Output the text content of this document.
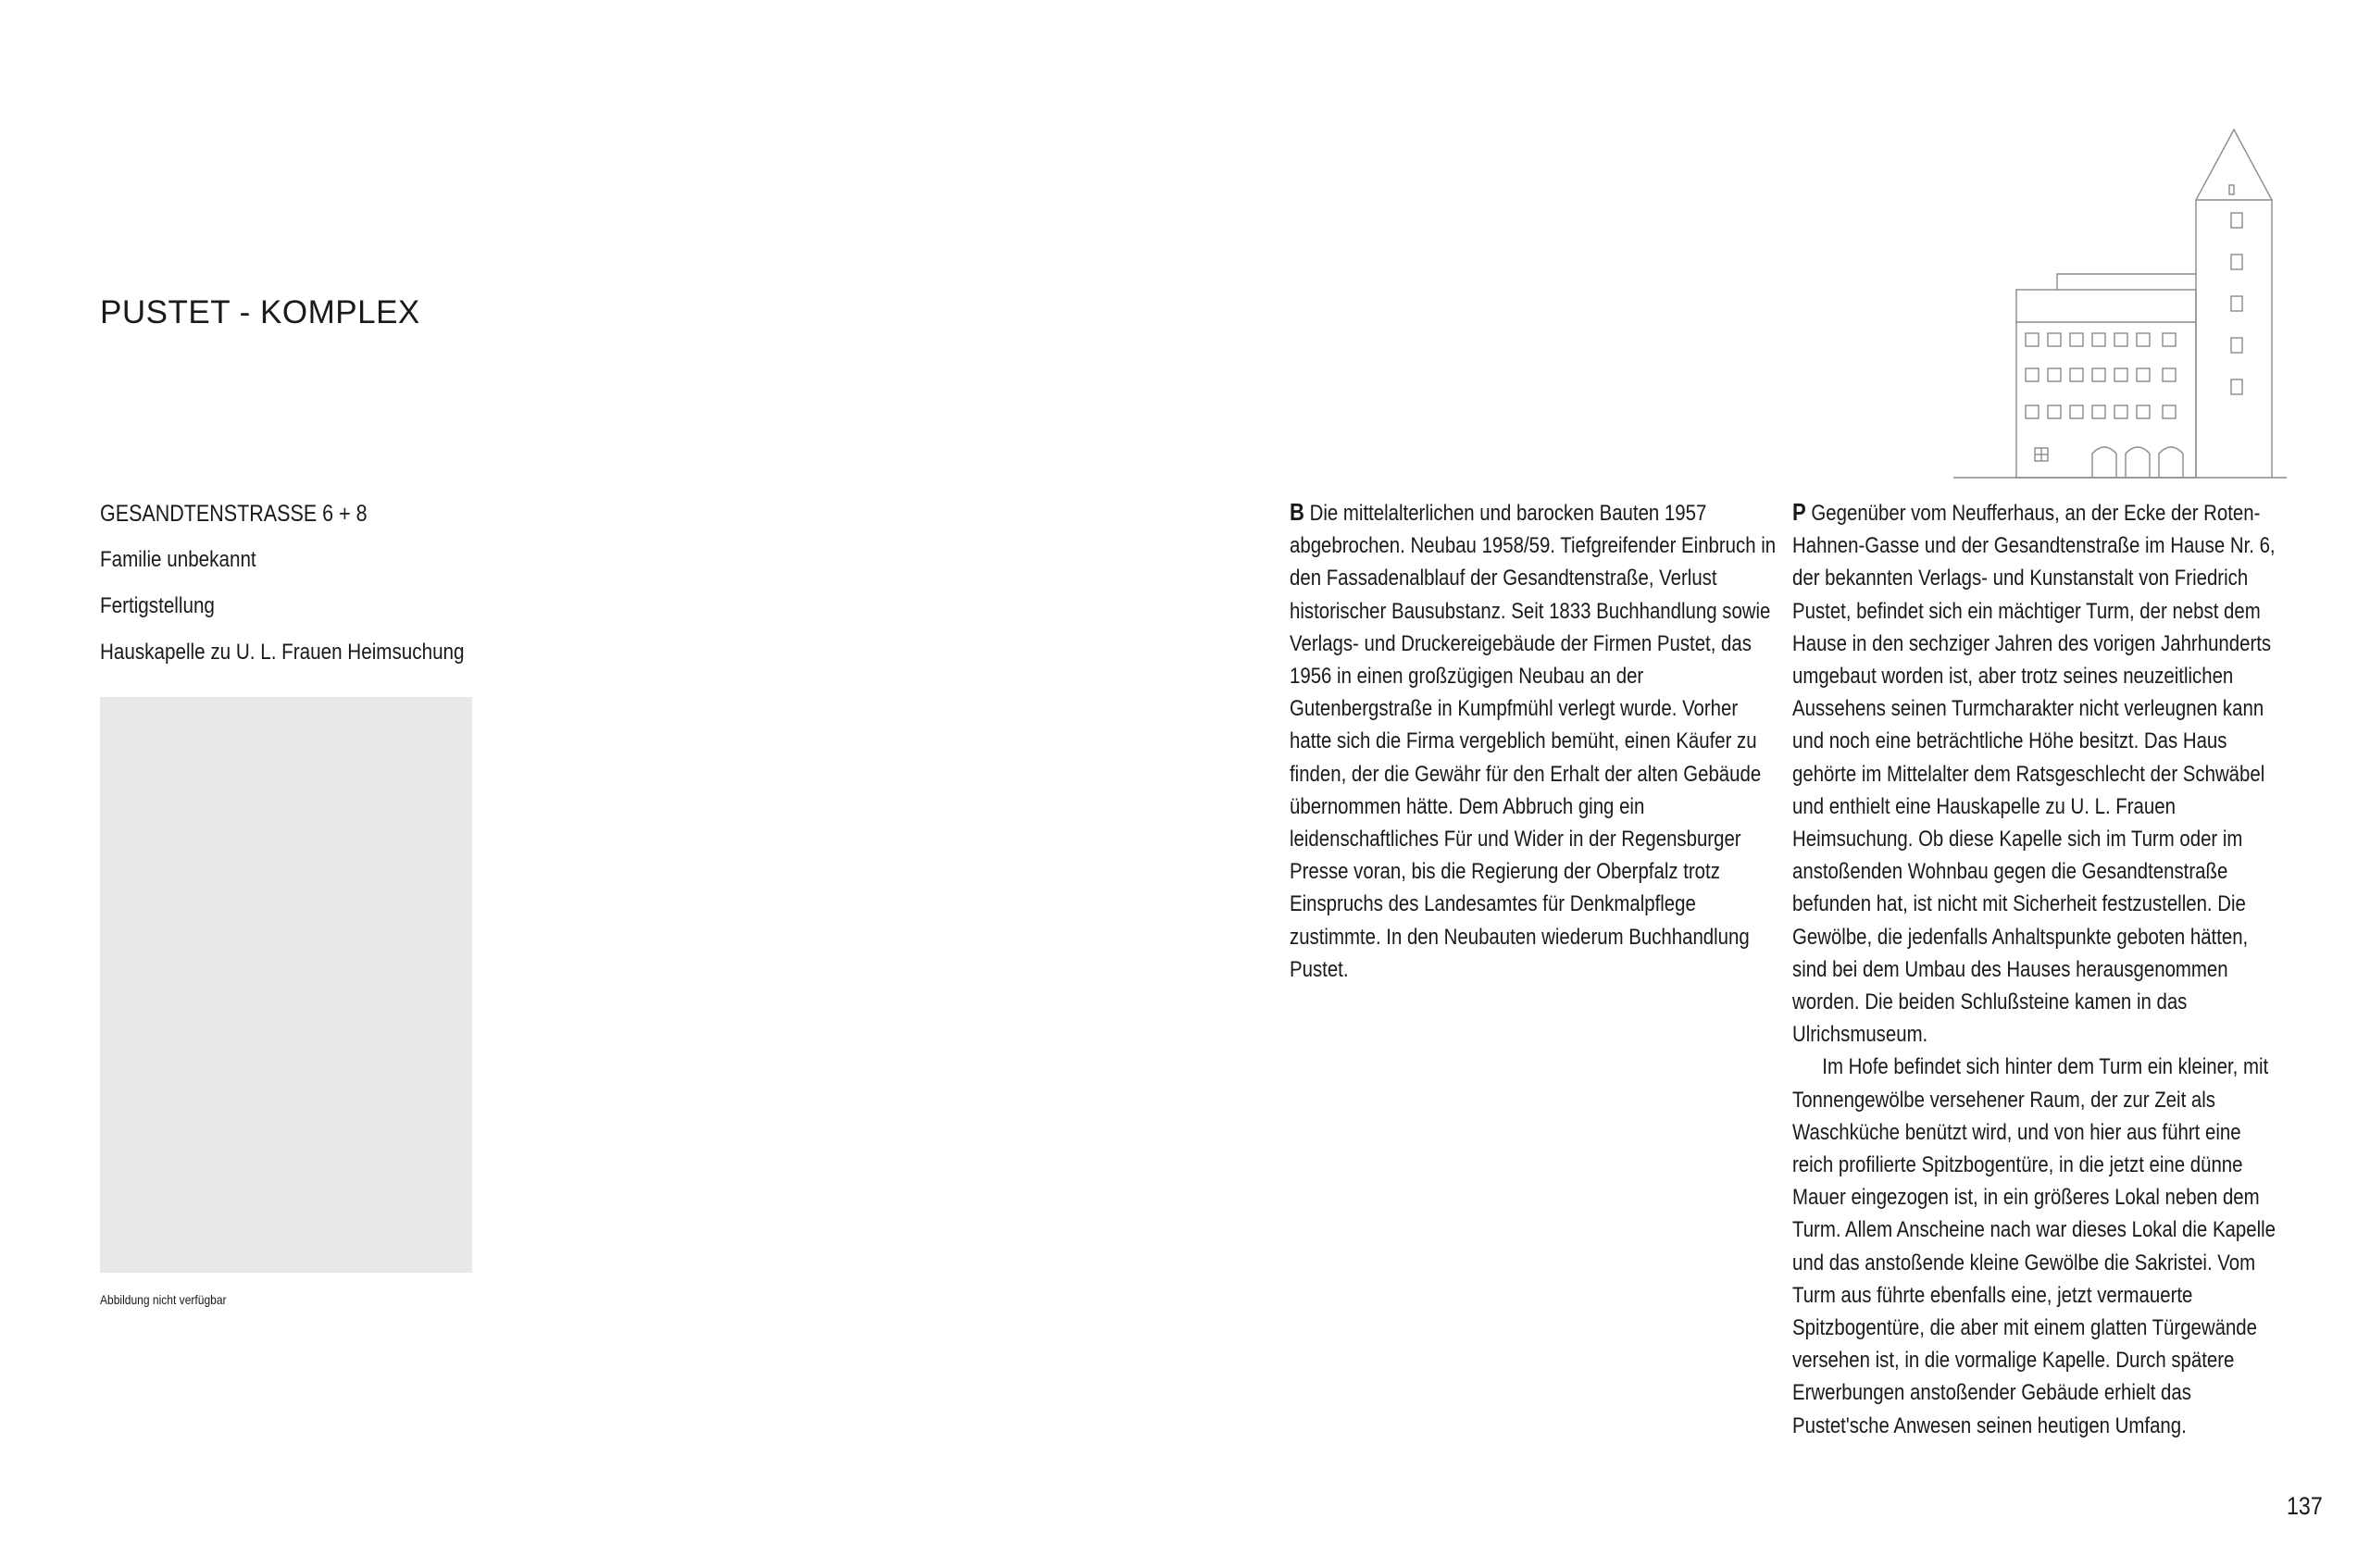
PUSTET - KOMPLEX
GESANDTENSTRASSE 6 + 8
Familie unbekannt
Fertigstellung
Hauskapelle zu U. L. Frauen Heimsuchung
Abbildung nicht verfügbar

B Die mittelalterlichen und barocken Bauten 1957 abgebrochen. Neubau 1958/59. Tiefgreifender Einbruch in den Fassadenalblauf der Gesandtenstraße, Verlust historischer Bausubstanz. Seit 1833 Buchhandlung sowie Verlags- und Druckereigebäude der Firmen Pustet, das 1956 in einen großzügigen Neubau an der Gutenbergstraße in Kumpfmühl verlegt wurde. Vorher hatte sich die Firma vergeblich bemüht, einen Käufer zu finden, der die Gewähr für den Erhalt der alten Gebäude übernommen hätte. Dem Abbruch ging ein leidenschaftliches Für und Wider in der Regensburger Presse voran, bis die Regierung der Oberpfalz trotz Einspruchs des Landesamtes für Denkmalpflege zustimmte. In den Neubauten wiederum Buchhandlung Pustet.

P Gegenüber vom Neufferhaus, an der Ecke der Roten-Hahnen-Gasse und der Gesandtenstraße im Hause Nr. 6, der bekannten Verlags- und Kunstanstalt von Friedrich Pustet, befindet sich ein mächtiger Turm, der nebst dem Hause in den sechziger Jahren des vorigen Jahrhunderts umgebaut worden ist, aber trotz seines neuzeitlichen Aussehens seinen Turmcharakter nicht verleugnen kann und noch eine beträchtliche Höhe besitzt. Das Haus gehörte im Mittelalter dem Ratsgeschlecht der Schwäbel und enthielt eine Hauskapelle zu U. L. Frauen Heimsuchung. Ob diese Kapelle sich im Turm oder im anstoßenden Wohnbau gegen die Gesandtenstraße befunden hat, ist nicht mit Sicherheit festzustellen. Die Gewölbe, die jedenfalls Anhaltspunkte geboten hätten, sind bei dem Umbau des Hauses herausgenommen worden. Die beiden Schlußsteine kamen in das Ulrichsmuseum.

Im Hofe befindet sich hinter dem Turm ein kleiner, mit Tonnengewölbe versehener Raum, der zur Zeit als Waschküche benützt wird, und von hier aus führt eine reich profilierte Spitzbogentüre, in die jetzt eine dünne Mauer eingezogen ist, in ein größeres Lokal neben dem Turm. Allem Anscheine nach war dieses Lokal die Kapelle und das anstoßende kleine Gewölbe die Sakristei. Vom Turm aus führte ebenfalls eine, jetzt vermauerte Spitzbogentüre, die aber mit einem glatten Türgewände versehen ist, in die vormalige Kapelle. Durch spätere Erwerbungen anstoßender Gebäude erhielt das Pustet'sche Anwesen seinen heutigen Umfang.

137
